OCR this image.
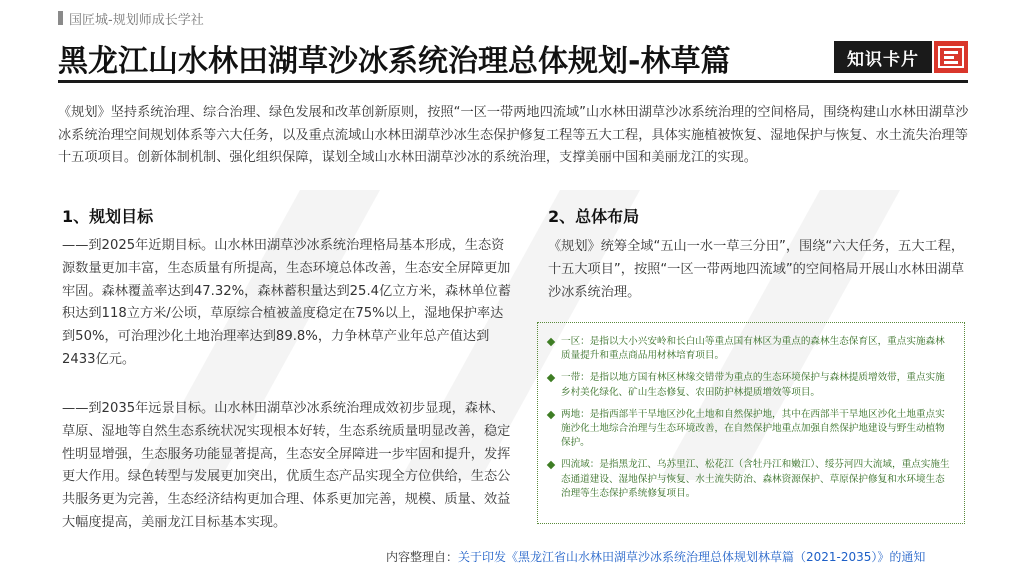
国匠城-规划师成长学社
黑龙江山水林田湖草沙冰系统治理总体规划-林草篇	知识卡片
《规划》坚持系统治理、综合治理、绿色发展和改革创新原则，按照“一区一带两地四流域”山水林田湖草沙冰系统治理的空间格局，围绕构建山水林田湖草沙冰系统治理空间规划体系等六大任务，以及重点流域山水林田湖草沙冰生态保护修复工程等五大工程，具体实施植被恢复、湿地保护与恢复、水土流失治理等十五项项目。创新体制机制、强化组织保障，谋划全域山水林田湖草沙冰的系统治理，支撑美丽中国和美丽龙江的实现。
1、规划目标
——到2025年近期目标。山水林田湖草沙冰系统治理格局基本形成，生态资源数量更加丰富，生态质量有所提高，生态环境总体改善，生态安全屏障更加牢固。森林覆盖率达到47.32%，森林蓄积量达到25.4亿立方米，森林单位蓄积达到118立方米/公顷，草原综合植被盖度稳定在75%以上，湿地保护率达到50%，可治理沙化土地治理率达到89.8%，力争林草产业年总产值达到2433亿元。
——到2035年远景目标。山水林田湖草沙冰系统治理成效初步显现，森林、草原、湿地等自然生态系统状况实现根本好转，生态系统质量明显改善，稳定性明显增强，生态服务功能显著提高，生态安全屏障进一步牢固和提升，发挥更大作用。绿色转型与发展更加突出，优质生态产品实现全方位供给，生态公共服务更为完善，生态经济结构更加合理、体系更加完善，规模、质量、效益大幅度提高，美丽龙江目标基本实现。
2、总体布局
《规划》统筹全域“五山一水一草三分田”，围绕“六大任务，五大工程，十五大项目”，按照“一区一带两地四流域”的空间格局开展山水林田湖草沙冰系统治理。
一区：是指以大小兴安岭和长白山等重点国有林区为重点的森林生态保育区，重点实施森林质量提升和重点商品用材林培育项目。
一带：是指以地方国有林区林缘交错带为重点的生态环境保护与森林提质增效带，重点实施乡村美化绿化、矿山生态修复、农田防护林提质增效等项目。
两地：是指西部半干旱地区沙化土地和自然保护地，其中在西部半干旱地区沙化土地重点实施沙化土地综合治理与生态环境改善，在自然保护地重点加强自然保护地建设与野生动植物保护。
四流域：是指黑龙江、乌苏里江、松花江（含牡丹江和嫩江）、绥芬河四大流域，重点实施生态通道建设、湿地保护与恢复、水土流失防治、森林资源保护、草原保护修复和水环境生态治理等生态保护系统修复项目。
内容整理自：关于印发《黑龙江省山水林田湖草沙冰系统治理总体规划林草篇（2021-2035）》的通知
